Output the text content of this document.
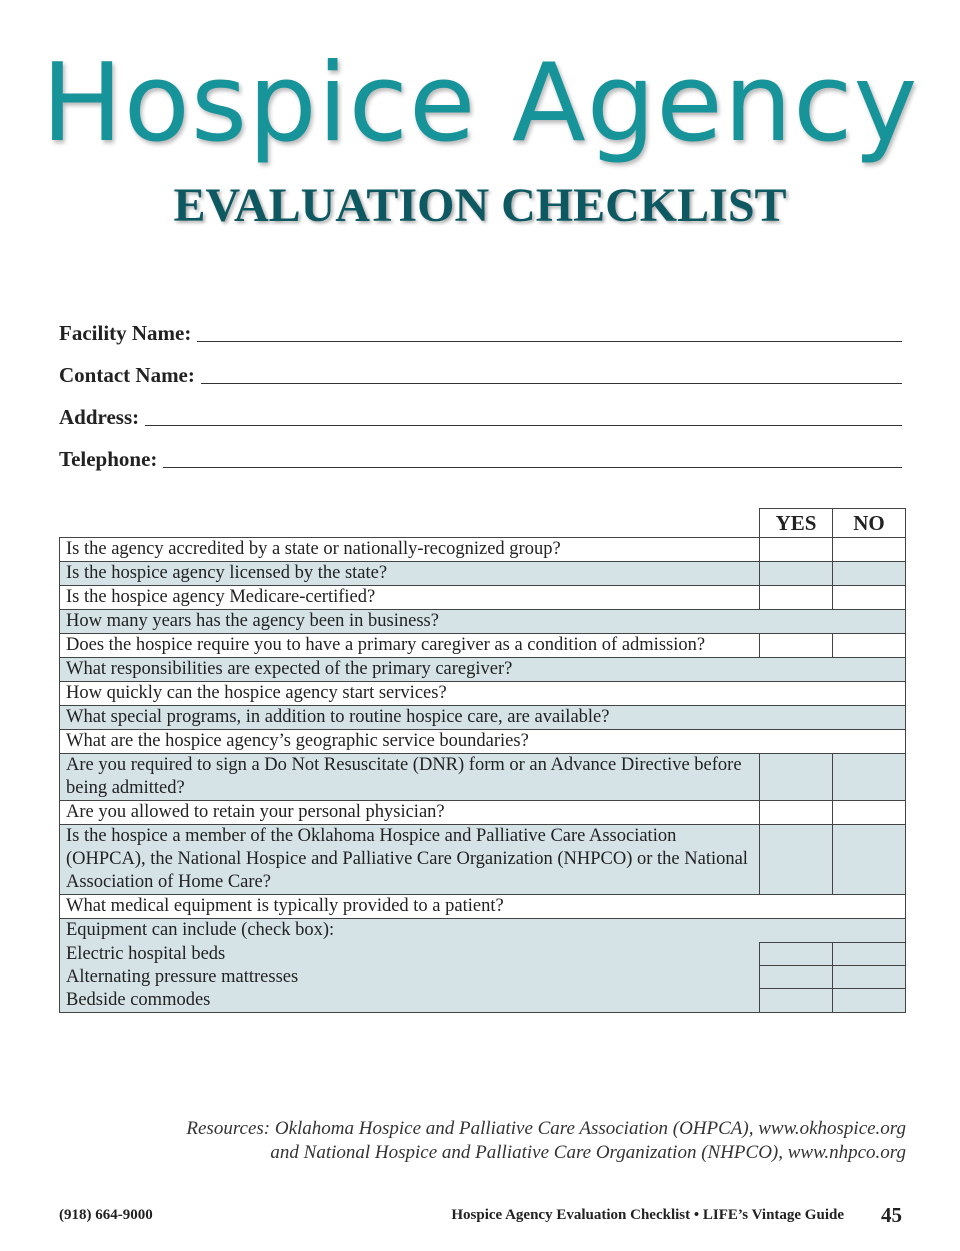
Hospice Agency
EVALUATION CHECKLIST
Facility Name:
Contact Name:
Address:
Telephone:
	YES	NO
Is the agency accredited by a state or nationally-recognized group?		
Is the hospice agency licensed by the state?		
Is the hospice agency Medicare-certified?		
How many years has the agency been in business?		
Does the hospice require you to have a primary caregiver as a condition of admission?		
What responsibilities are expected of the primary caregiver?		
How quickly can the hospice agency start services?		
What special programs, in addition to routine hospice care, are available?		
What are the hospice agency’s geographic service boundaries?		
Are you required to sign a Do Not Resuscitate (DNR) form or an Advance Directive before being admitted?		
Are you allowed to retain your personal physician?		
Is the hospice a member of the Oklahoma Hospice and Palliative Care Association (OHPCA), the National Hospice and Palliative Care Organization (NHPCO) or the National Association of Home Care?		
What medical equipment is typically provided to a patient?		
Equipment can include (check box):		
Electric hospital beds		
Alternating pressure mattresses		
Bedside commodes		
Resources: Oklahoma Hospice and Palliative Care Association (OHPCA), www.okhospice.org
and National Hospice and Palliative Care Organization (NHPCO), www.nhpco.org
(918) 664-9000	Hospice Agency Evaluation Checklist • LIFE’s Vintage Guide 45
